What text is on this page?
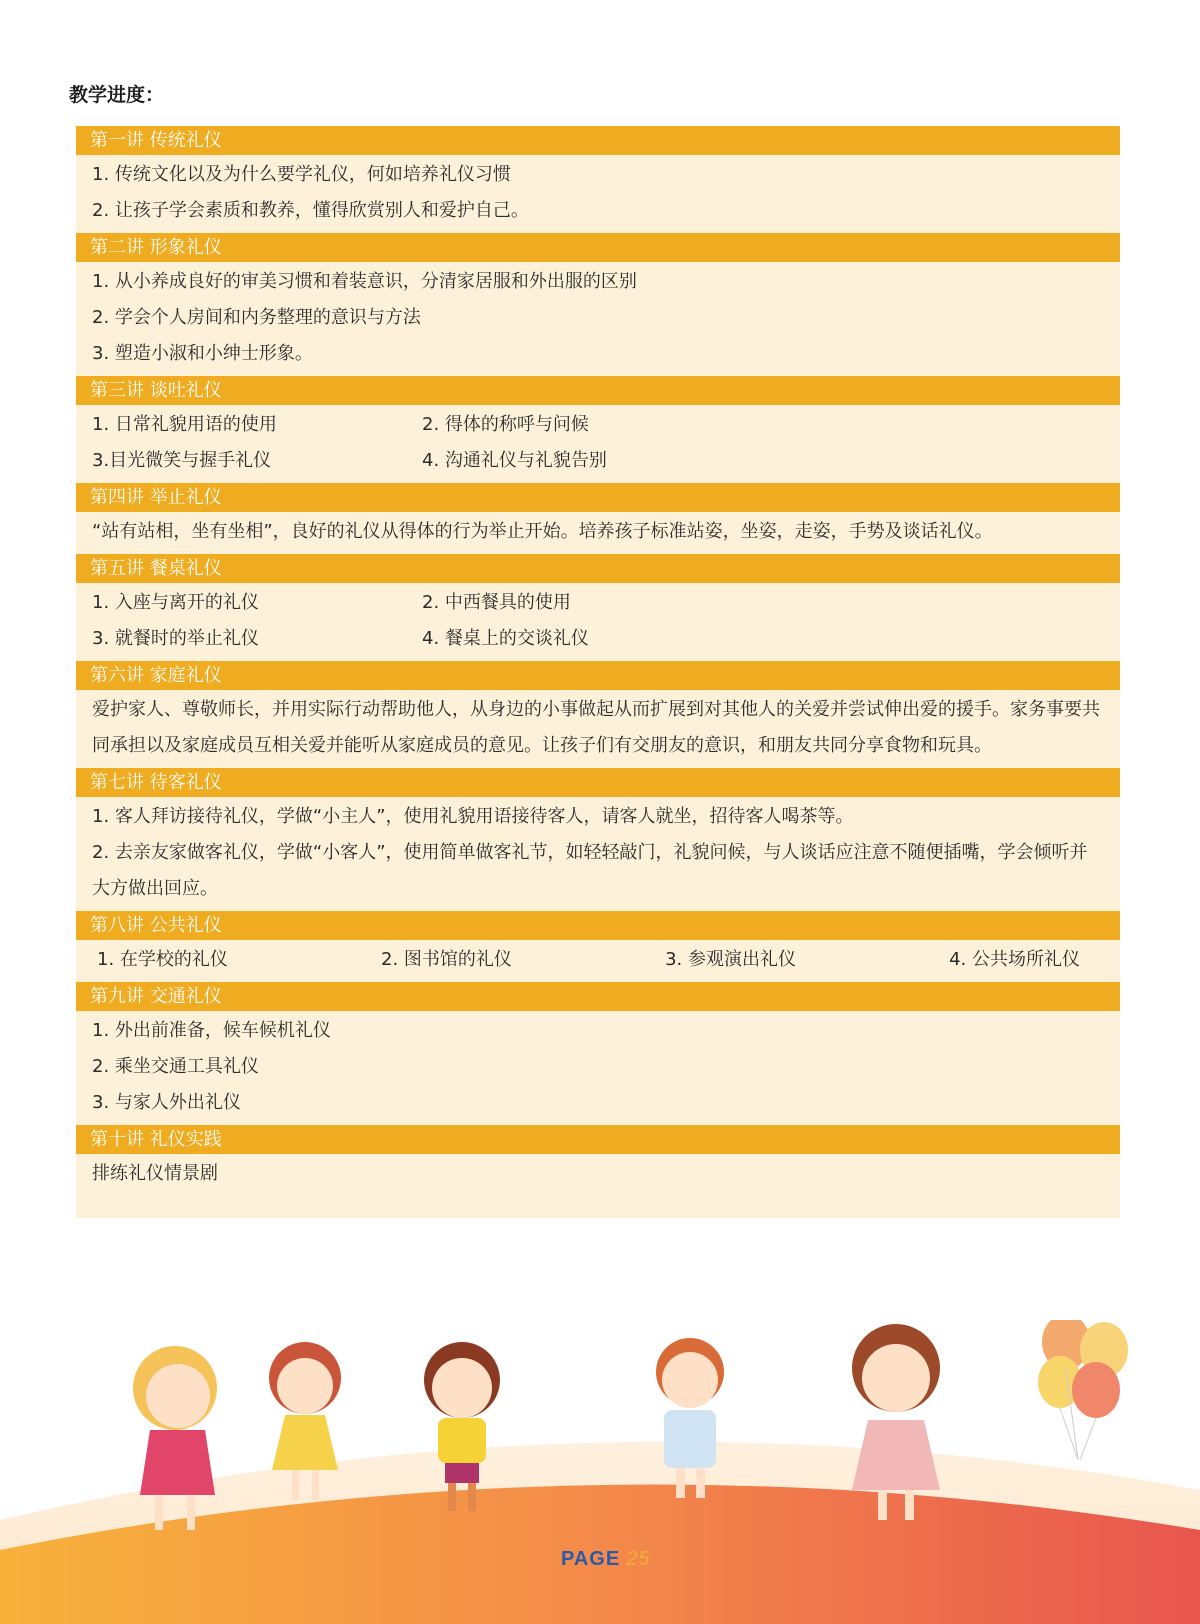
教学进度：
第一讲 传统礼仪
1. 传统文化以及为什么要学礼仪，何如培养礼仪习惯
2. 让孩子学会素质和教养，懂得欣赏别人和爱护自己。
第二讲 形象礼仪
1. 从小养成良好的审美习惯和着装意识，分清家居服和外出服的区别
2. 学会个人房间和内务整理的意识与方法
3. 塑造小淑和小绅士形象。
第三讲 谈吐礼仪
1. 日常礼貌用语的使用	2. 得体的称呼与问候
3.目光微笑与握手礼仪	4. 沟通礼仪与礼貌告别
第四讲 举止礼仪
“站有站相，坐有坐相”，良好的礼仪从得体的行为举止开始。培养孩子标准站姿，坐姿，走姿，手势及谈话礼仪。
第五讲 餐桌礼仪
1. 入座与离开的礼仪	2. 中西餐具的使用
3. 就餐时的举止礼仪	4. 餐桌上的交谈礼仪
第六讲 家庭礼仪
爱护家人、尊敬师长，并用实际行动帮助他人，从身边的小事做起从而扩展到对其他人的关爱并尝试伸出爱的援手。家务事要共同承担以及家庭成员互相关爱并能听从家庭成员的意见。让孩子们有交朋友的意识，和朋友共同分享食物和玩具。
第七讲 待客礼仪
1. 客人拜访接待礼仪，学做“小主人”，使用礼貌用语接待客人，请客人就坐，招待客人喝茶等。
2. 去亲友家做客礼仪，学做“小客人”，使用简单做客礼节，如轻轻敲门，礼貌问候，与人谈话应注意不随便插嘴，学会倾听并大方做出回应。
第八讲 公共礼仪
1. 在学校的礼仪	2. 图书馆的礼仪	3. 参观演出礼仪	4. 公共场所礼仪
第九讲 交通礼仪
1. 外出前准备，候车候机礼仪
2. 乘坐交通工具礼仪
3. 与家人外出礼仪
第十讲 礼仪实践
排练礼仪情景剧
PAGE 25
